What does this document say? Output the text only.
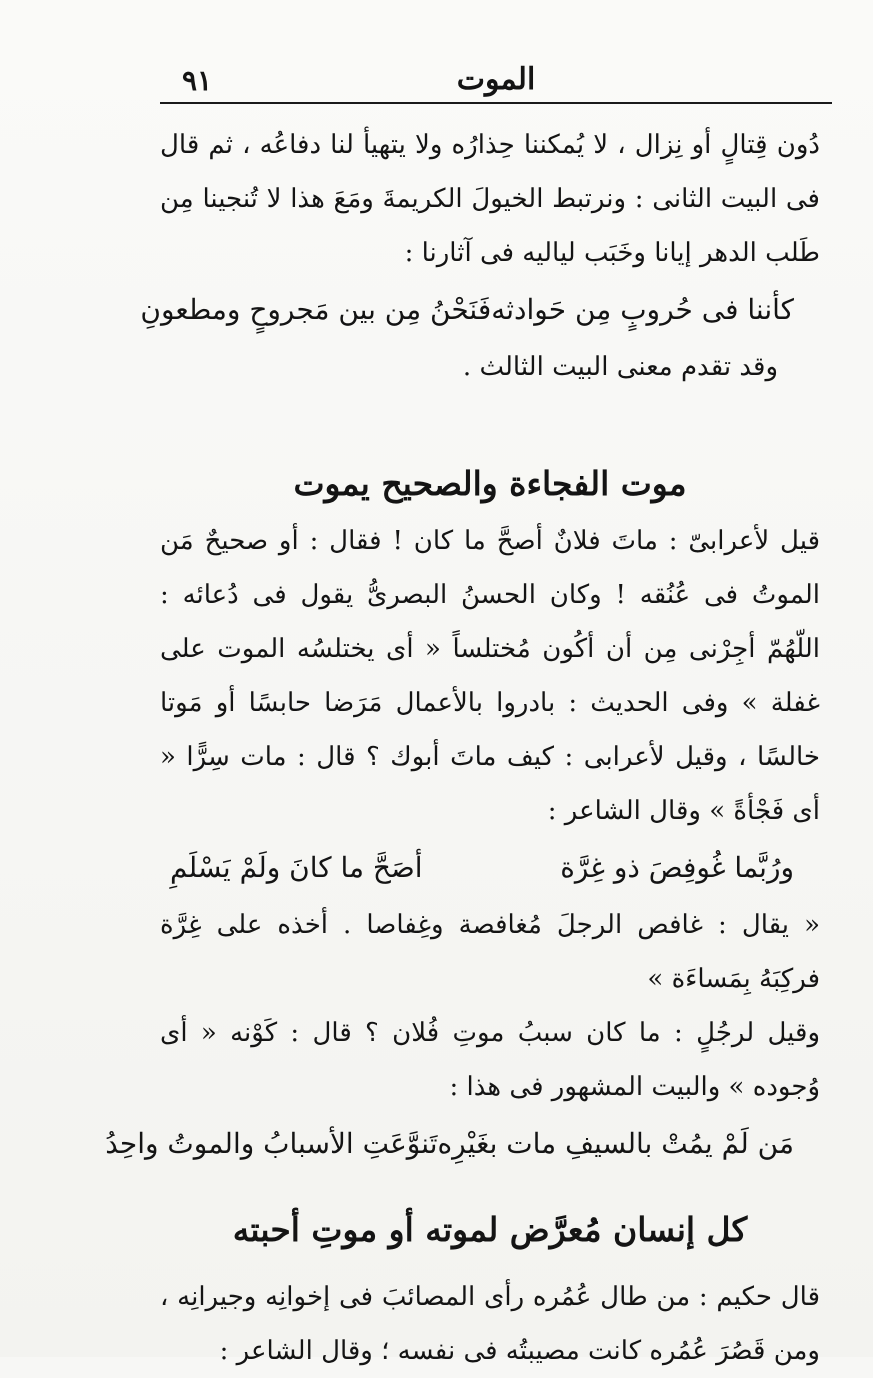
٩١	الموت

دُون قِتالٍ أو نِزال ، لا يُمكننا حِذارُه ولا يتهيأ لنا دفاعُه ، ثم قال فى البيت الثانى : ونرتبط الخيولَ الكريمةَ ومَعَ هذا لا تُنجينا مِن طَلب الدهر إيانا وخَبَب لياليه فى آثارنا :

كأننا فى حُروبٍ مِن حَوادثه
فَنَحْنُ مِن بين مَجروحٍ ومطعونِ

وقد تقدم معنى البيت الثالث .

موت الفجاءة والصحيح يموت

قيل لأعرابىّ : ماتَ فلانٌ أصحَّ ما كان ! فقال : أو صحيحٌ مَن الموتُ فى عُنُقه ! وكان الحسنُ البصرىُّ يقول فى دُعائه : اللّهُمّ أجِرْنى مِن أن أكُون مُختلساً « أى يختلسُه الموت على غفلة » وفى الحديث : بادروا بالأعمال مَرَضا حابسًا أو مَوتا خالسًا ، وقيل لأعرابى : كيف ماتَ أبوك ؟ قال : مات سِرًّا « أى فَجْأةً » وقال الشاعر :

ورُبَّما غُوفِصَ ذو غِرَّة
أصَحَّ ما كانَ ولَمْ يَسْلَمِ

« يقال : غافص الرجلَ مُغافصة وغِفاصا . أخذه على غِرَّة فركِبَهُ بِمَساءَة »

وقيل لرجُلٍ : ما كان سببُ موتِ فُلان ؟ قال : كَوْنه « أى وُجوده » والبيت المشهور فى هذا :

مَن لَمْ يمُتْ بالسيفِ مات بغَيْرِه
تَنوَّعَتِ الأسبابُ والموتُ واحِدُ
كل إنسان مُعرَّض لموته أو موتِ أحبته

قال حكيم : من طال عُمُره رأى المصائبَ فى إخوانِه وجيرانِه ، ومن قَصُرَ عُمُره كانت مصيبتُه فى نفسه ؛ وقال الشاعر :
